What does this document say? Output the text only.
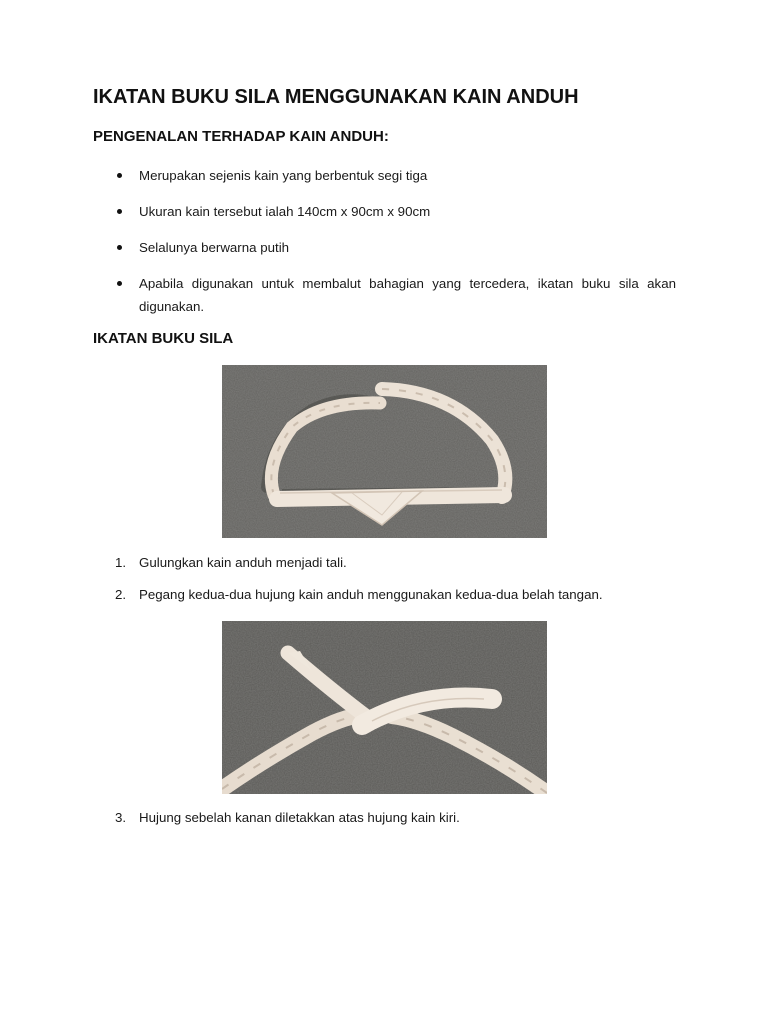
IKATAN BUKU SILA MENGGUNAKAN KAIN ANDUH
PENGENALAN TERHADAP KAIN ANDUH:
Merupakan sejenis kain yang berbentuk segi tiga
Ukuran kain tersebut ialah 140cm x 90cm x 90cm
Selalunya berwarna putih
Apabila digunakan untuk membalut bahagian yang tercedera, ikatan buku sila akan digunakan.
IKATAN BUKU SILA
1. Gulungkan kain anduh menjadi tali.
2. Pegang kedua-dua hujung kain anduh menggunakan kedua-dua belah tangan.
3. Hujung sebelah kanan diletakkan atas hujung kain kiri.
